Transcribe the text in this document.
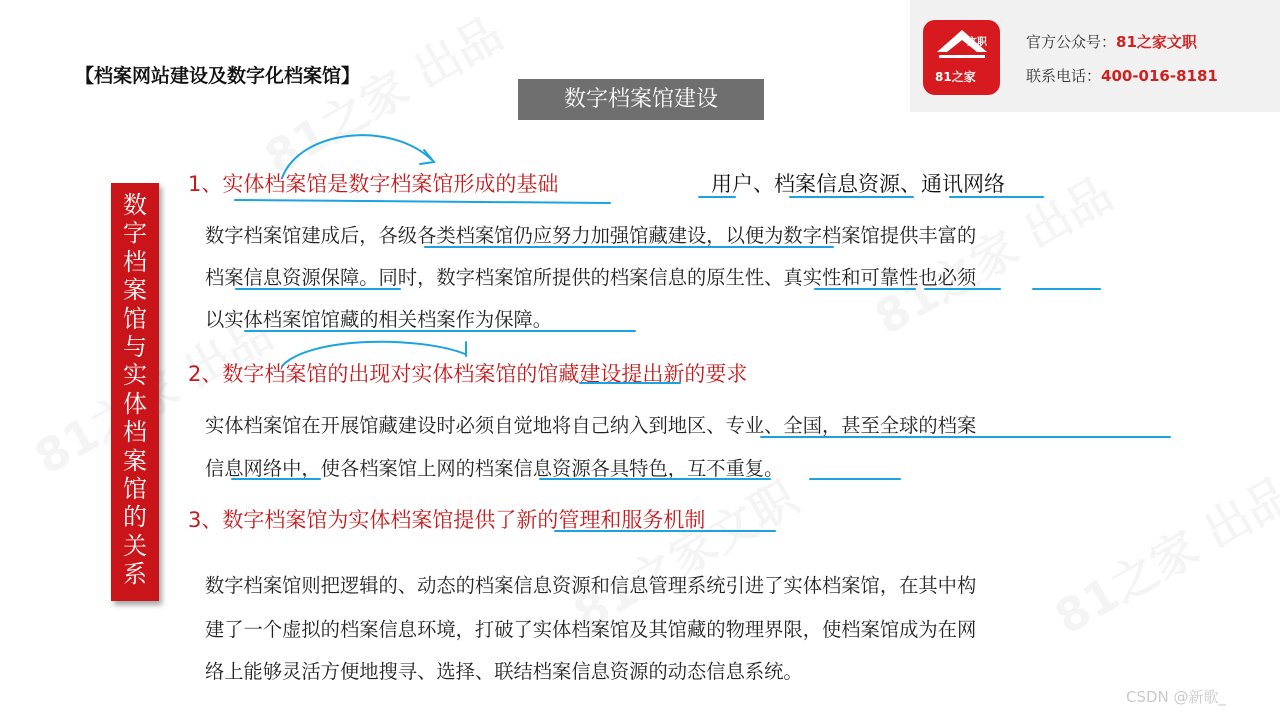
文职
81之家
官方公众号：81之家文职
联系电话：400-016-8181
【档案网站建设及数字化档案馆】
数字档案馆建设
数
字
档
案
馆
与
实
体
档
案
馆
的
关
系
1、实体档案馆是数字档案馆形成的基础	用户、档案信息资源、通讯网络
数字档案馆建成后，各级各类档案馆仍应努力加强馆藏建设，以便为数字档案馆提供丰富的
档案信息资源保障。同时，数字档案馆所提供的档案信息的原生性、真实性和可靠性也必须
以实体档案馆馆藏的相关档案作为保障。
2、数字档案馆的出现对实体档案馆的馆藏建设提出新的要求
实体档案馆在开展馆藏建设时必须自觉地将自己纳入到地区、专业、全国，甚至全球的档案
信息网络中，使各档案馆上网的档案信息资源各具特色，互不重复。
3、数字档案馆为实体档案馆提供了新的管理和服务机制
数字档案馆则把逻辑的、动态的档案信息资源和信息管理系统引进了实体档案馆，在其中构
建了一个虚拟的档案信息环境，打破了实体档案馆及其馆藏的物理界限，使档案馆成为在网
络上能够灵活方便地搜寻、选择、联结档案信息资源的动态信息系统。
CSDN @新歌_
